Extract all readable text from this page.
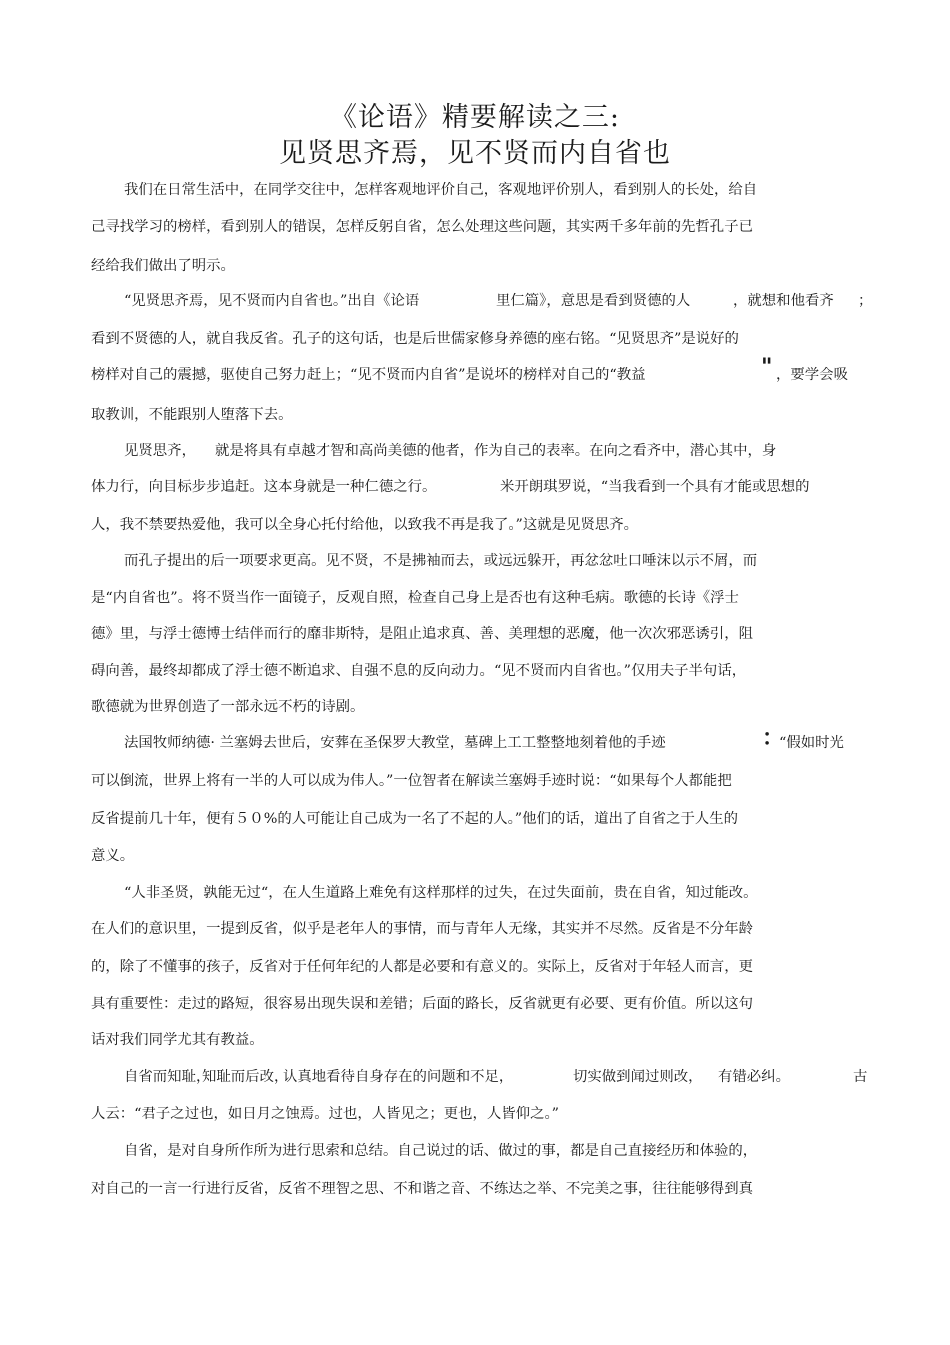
《论语》精要解读之三:
见贤思齐焉，见不贤而内自省也
我们在日常生活中，在同学交往中，怎样客观地评价自己，客观地评价别人，看到别人的长处，给自
己寻找学习的榜样，看到别人的错误，怎样反躬自省，怎么处理这些问题，其实两千多年前的先哲孔子已
经给我们做出了明示。
“见贤思齐焉，见不贤而内自省也。”出自《论语	里仁篇》，意思是看到贤德的人	，就想和他看齐 ；
看到不贤德的人，就自我反省。孔子的这句话，也是后世儒家修身养德的座右铭。“见贤思齐”是说好的
榜样对自己的震撼，驱使自己努力赶上；“见不贤而内自省”是说坏的榜样对自己的“教益	" ，要学会吸
取教训，不能跟别人堕落下去。
见贤思齐， 就是将具有卓越才智和高尚美德的他者，作为自己的表率。在向之看齐中，潜心其中，身
体力行，向目标步步追赶。这本身就是一种仁德之行。	米开朗琪罗说，“当我看到一个具有才能或思想的
人，我不禁要热爱他，我可以全身心托付给他，以致我不再是我了。”这就是见贤思齐。
而孔子提出的后一项要求更高。见不贤，不是拂袖而去，或远远躲开，再忿忿吐口唾沫以示不屑，而
是“内自省也”。将不贤当作一面镜子，反观自照，检查自己身上是否也有这种毛病。歌德的长诗《浮士
德》里，与浮士德博士结伴而行的靡非斯特，是阻止追求真、善、美理想的恶魔，他一次次邪恶诱引，阻
碍向善，最终却都成了浮士德不断追求、自强不息的反向动力。“见不贤而内自省也。”仅用夫子半句话，
歌德就为世界创造了一部永远不朽的诗剧。
法国牧师纳德· 兰塞姆去世后，安葬在圣保罗大教堂，墓碑上工工整整地刻着他的手迹	：
“假如时光
可以倒流，世界上将有一半的人可以成为伟人。”一位智者在解读兰塞姆手迹时说：“如果每个人都能把
反省提前几十年，便有５０%的人可能让自己成为一名了不起的人。”他们的话，道出了自省之于人生的
意义。
“人非圣贤，孰能无过“，在人生道路上难免有这样那样的过失，在过失面前，贵在自省，知过能改。
在人们的意识里，一提到反省，似乎是老年人的事情，而与青年人无缘，其实并不尽然。反省是不分年龄
的，除了不懂事的孩子，反省对于任何年纪的人都是必要和有意义的。实际上，反省对于年轻人而言，更
具有重要性：走过的路短，很容易出现失误和差错；后面的路长，反省就更有必要、更有价值。所以这句
话对我们同学尤其有教益。
自省而知耻，
知耻而后改，
认真地看待自身存在的问题和不足，	切实做到闻过则改， 有错必纠。	古
人云：“君子之过也，如日月之蚀焉。过也，人皆见之；更也，人皆仰之。”
自省，是对自身所作所为进行思索和总结。自己说过的话、做过的事，都是自己直接经历和体验的，
对自己的一言一行进行反省，反省不理智之思、不和谐之音、不练达之举、不完美之事，往往能够得到真
